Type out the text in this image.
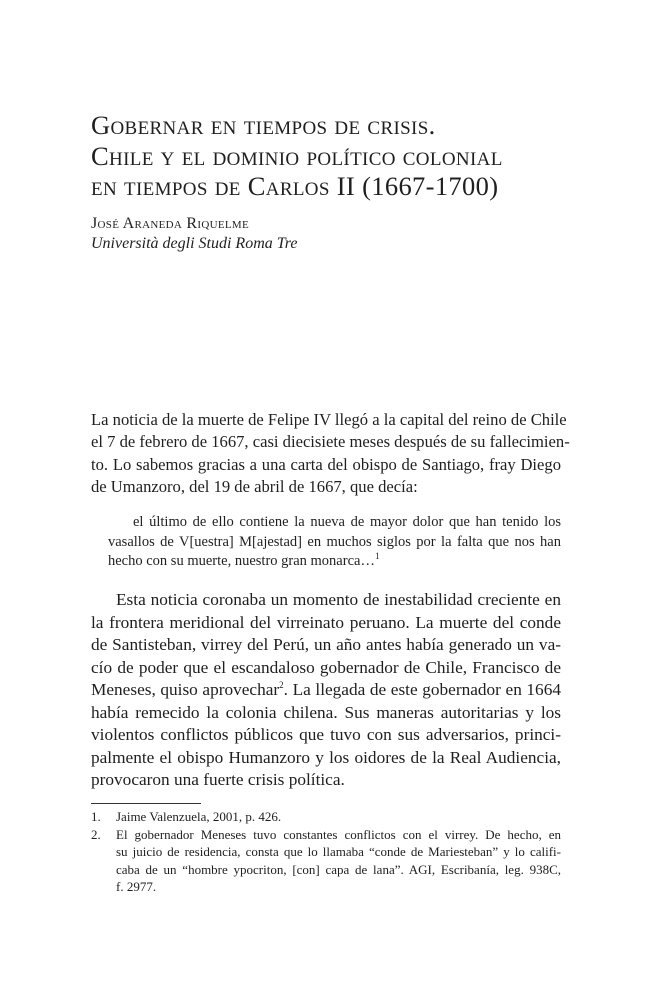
Gobernar en tiempos de crisis.
Chile y el dominio político colonial
en tiempos de Carlos II (1667-1700)
José Araneda Riquelme
Università degli Studi Roma Tre
La noticia de la muerte de Felipe IV llegó a la capital del reino de Chile
el 7 de febrero de 1667, casi diecisiete meses después de su fallecimien-
to. Lo sabemos gracias a una carta del obispo de Santiago, fray Diego
de Umanzoro, del 19 de abril de 1667, que decía:
el último de ello contiene la nueva de mayor dolor que han tenido los
vasallos de V[uestra] M[ajestad] en muchos siglos por la falta que nos han
hecho con su muerte, nuestro gran monarca…$^1$
Esta noticia coronaba un momento de inestabilidad creciente en
la frontera meridional del virreinato peruano. La muerte del conde
de Santisteban, virrey del Perú, un año antes había generado un va-
cío de poder que el escandaloso gobernador de Chile, Francisco de
Meneses, quiso aprovechar$^2$. La llegada de este gobernador en 1664
había remecido la colonia chilena. Sus maneras autoritarias y los
violentos conflictos públicos que tuvo con sus adversarios, princi-
palmente el obispo Humanzoro y los oidores de la Real Audiencia,
provocaron una fuerte crisis política.
1. Jaime Valenzuela, 2001, p. 426.
2. El gobernador Meneses tuvo constantes conflictos con el virrey. De hecho, en
su juicio de residencia, consta que lo llamaba “conde de Mariesteban” y lo califi-
caba de un “hombre ypocriton, [con] capa de lana”. AGI, Escribanía, leg. 938C,
f. 2977.
